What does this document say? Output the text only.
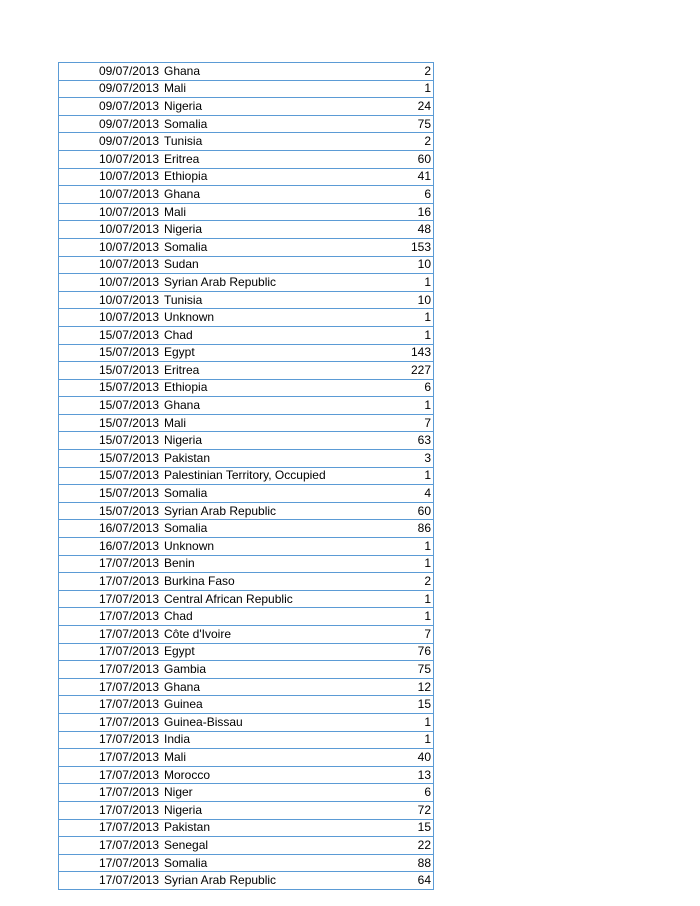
09/07/2013	Ghana	2
09/07/2013	Mali	1
09/07/2013	Nigeria	24
09/07/2013	Somalia	75
09/07/2013	Tunisia	2
10/07/2013	Eritrea	60
10/07/2013	Ethiopia	41
10/07/2013	Ghana	6
10/07/2013	Mali	16
10/07/2013	Nigeria	48
10/07/2013	Somalia	153
10/07/2013	Sudan	10
10/07/2013	Syrian Arab Republic	1
10/07/2013	Tunisia	10
10/07/2013	Unknown	1
15/07/2013	Chad	1
15/07/2013	Egypt	143
15/07/2013	Eritrea	227
15/07/2013	Ethiopia	6
15/07/2013	Ghana	1
15/07/2013	Mali	7
15/07/2013	Nigeria	63
15/07/2013	Pakistan	3
15/07/2013	Palestinian Territory, Occupied	1
15/07/2013	Somalia	4
15/07/2013	Syrian Arab Republic	60
16/07/2013	Somalia	86
16/07/2013	Unknown	1
17/07/2013	Benin	1
17/07/2013	Burkina Faso	2
17/07/2013	Central African Republic	1
17/07/2013	Chad	1
17/07/2013	Côte d'Ivoire	7
17/07/2013	Egypt	76
17/07/2013	Gambia	75
17/07/2013	Ghana	12
17/07/2013	Guinea	15
17/07/2013	Guinea-Bissau	1
17/07/2013	India	1
17/07/2013	Mali	40
17/07/2013	Morocco	13
17/07/2013	Niger	6
17/07/2013	Nigeria	72
17/07/2013	Pakistan	15
17/07/2013	Senegal	22
17/07/2013	Somalia	88
17/07/2013	Syrian Arab Republic	64
